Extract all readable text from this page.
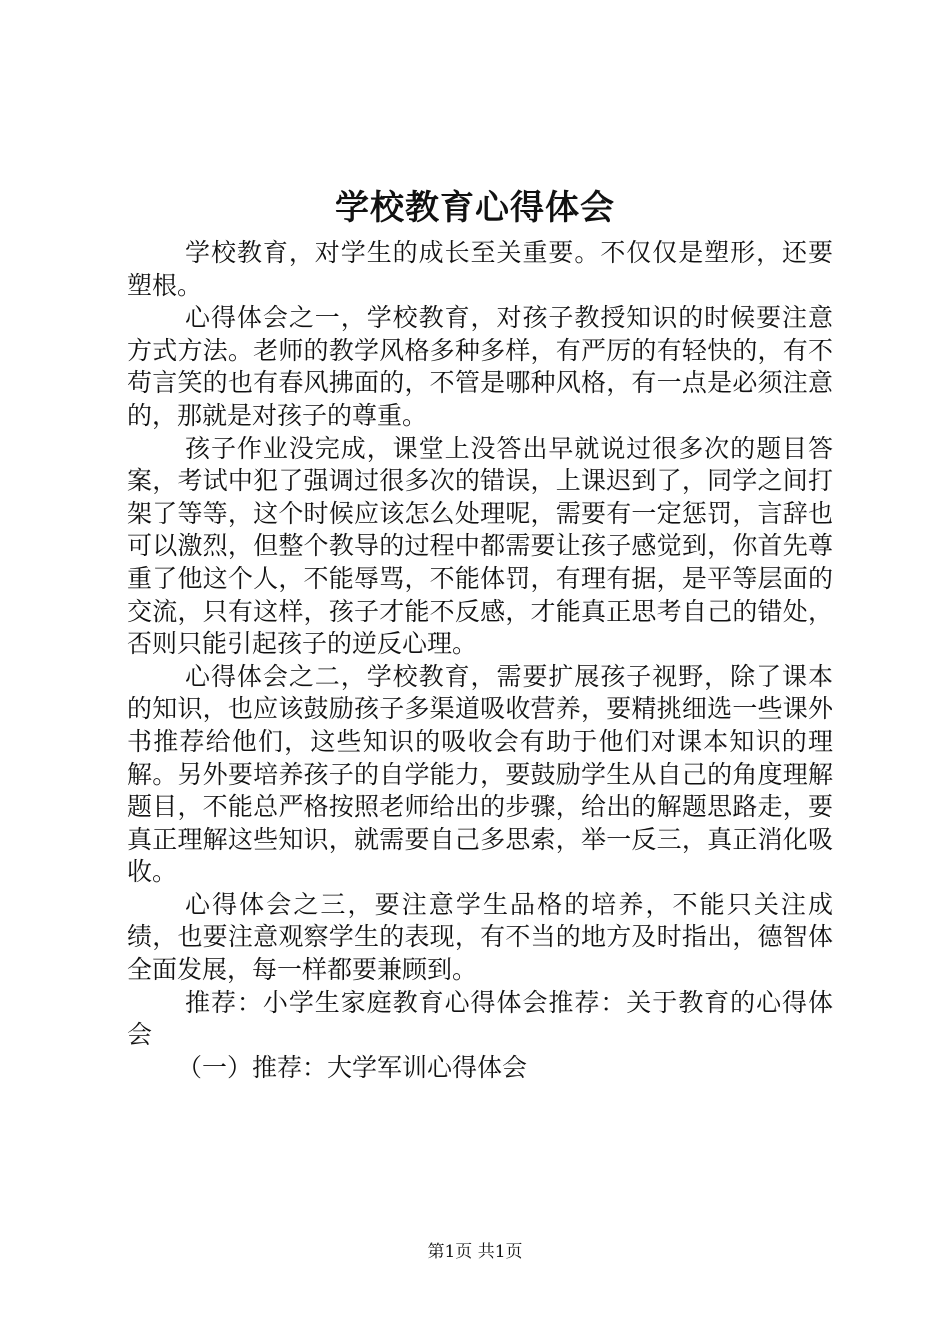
学校教育心得体会

学校教育，对学生的成长至关重要。不仅仅是塑形，还要塑根。

心得体会之一，学校教育，对孩子教授知识的时候要注意方式方法。老师的教学风格多种多样，有严厉的有轻快的，有不苟言笑的也有春风拂面的，不管是哪种风格，有一点是必须注意的，那就是对孩子的尊重。

孩子作业没完成，课堂上没答出早就说过很多次的题目答案，考试中犯了强调过很多次的错误，上课迟到了，同学之间打架了等等，这个时候应该怎么处理呢，需要有一定惩罚，言辞也可以激烈，但整个教导的过程中都需要让孩子感觉到，你首先尊重了他这个人，不能辱骂，不能体罚，有理有据，是平等层面的交流，只有这样，孩子才能不反感，才能真正思考自己的错处，否则只能引起孩子的逆反心理。

心得体会之二，学校教育，需要扩展孩子视野，除了课本的知识，也应该鼓励孩子多渠道吸收营养，要精挑细选一些课外书推荐给他们，这些知识的吸收会有助于他们对课本知识的理解。另外要培养孩子的自学能力，要鼓励学生从自己的角度理解题目，不能总严格按照老师给出的步骤，给出的解题思路走，要真正理解这些知识，就需要自己多思索，举一反三，真正消化吸收。

心得体会之三，要注意学生品格的培养，不能只关注成绩，也要注意观察学生的表现，有不当的地方及时指出，德智体全面发展，每一样都要兼顾到。

推荐：小学生家庭教育心得体会推荐：关于教育的心得体会

（一）推荐：大学军训心得体会

第1页 共1页
